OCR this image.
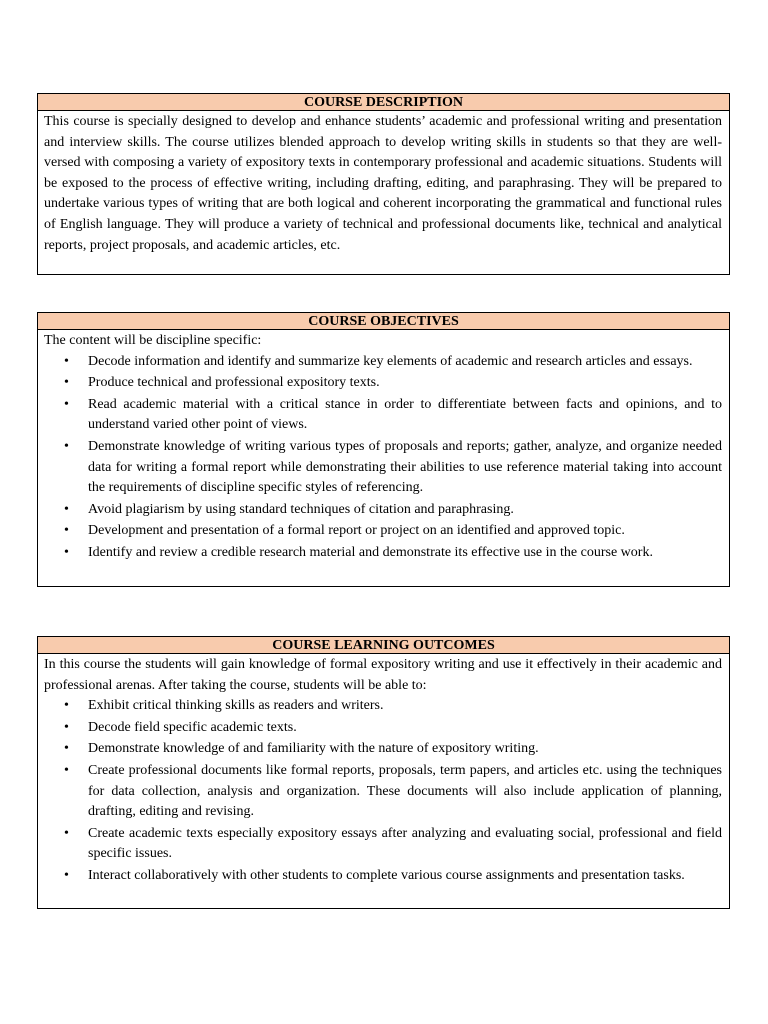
COURSE DESCRIPTION

This course is specially designed to develop and enhance students’ academic and professional writing and presentation and interview skills. The course utilizes blended approach to develop writing skills in students so that they are well-versed with composing a variety of expository texts in contemporary professional and academic situations. Students will be exposed to the process of effective writing, including drafting, editing, and paraphrasing. They will be prepared to undertake various types of writing that are both logical and coherent incorporating the grammatical and functional rules of English language. They will produce a variety of technical and professional documents like, technical and analytical reports, project proposals, and academic articles, etc.

COURSE OBJECTIVES

The content will be discipline specific:

• Decode information and identify and summarize key elements of academic and research articles and essays.
• Produce technical and professional expository texts.
• Read academic material with a critical stance in order to differentiate between facts and opinions, and to understand varied other point of views.
• Demonstrate knowledge of writing various types of proposals and reports; gather, analyze, and organize needed data for writing a formal report while demonstrating their abilities to use reference material taking into account the requirements of discipline specific styles of referencing.
• Avoid plagiarism by using standard techniques of citation and paraphrasing.
• Development and presentation of a formal report or project on an identified and approved topic.
• Identify and review a credible research material and demonstrate its effective use in the course work.
COURSE LEARNING OUTCOMES

In this course the students will gain knowledge of formal expository writing and use it effectively in their academic and professional arenas. After taking the course, students will be able to:

• Exhibit critical thinking skills as readers and writers.
• Decode field specific academic texts.
• Demonstrate knowledge of and familiarity with the nature of expository writing.
• Create professional documents like formal reports, proposals, term papers, and articles etc. using the techniques for data collection, analysis and organization. These documents will also include application of planning, drafting, editing and revising.
• Create academic texts especially expository essays after analyzing and evaluating social, professional and field specific issues.
• Interact collaboratively with other students to complete various course assignments and presentation tasks.
